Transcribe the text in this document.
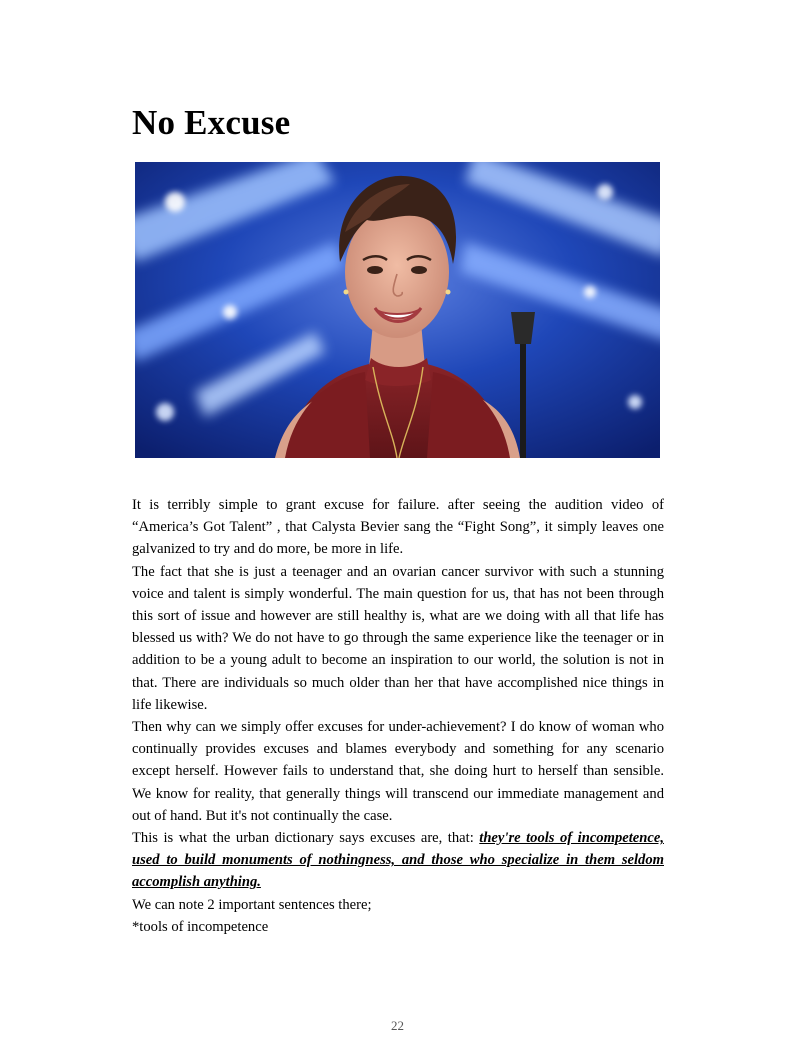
No Excuse

It is terribly simple to grant excuse for failure. after seeing the audition video of “America’s Got Talent” , that Calysta Bevier sang the “Fight Song”, it simply leaves one galvanized to try and do more, be more in life.

The fact that she is just a teenager and an ovarian cancer survivor with such a stunning voice and talent is simply wonderful. The main question for us, that has not been through this sort of issue and however are still healthy is, what are we doing with all that life has blessed us with? We do not have to go through the same experience like the teenager or in addition to be a young adult to become an inspiration to our world, the solution is not in that. There are individuals so much older than her that have accomplished nice things in life likewise.

Then why can we simply offer excuses for under-achievement? I do know of woman who continually provides excuses and blames everybody and something for any scenario except herself. However fails to understand that, she doing hurt to herself than sensible. We know for reality, that generally things will transcend our immediate management and out of hand. But it's not continually the case.

This is what the urban dictionary says excuses are, that: they're tools of incompetence, used to build monuments of nothingness, and those who specialize in them seldom accomplish anything.

We can note 2 important sentences there;

*tools of incompetence

22
